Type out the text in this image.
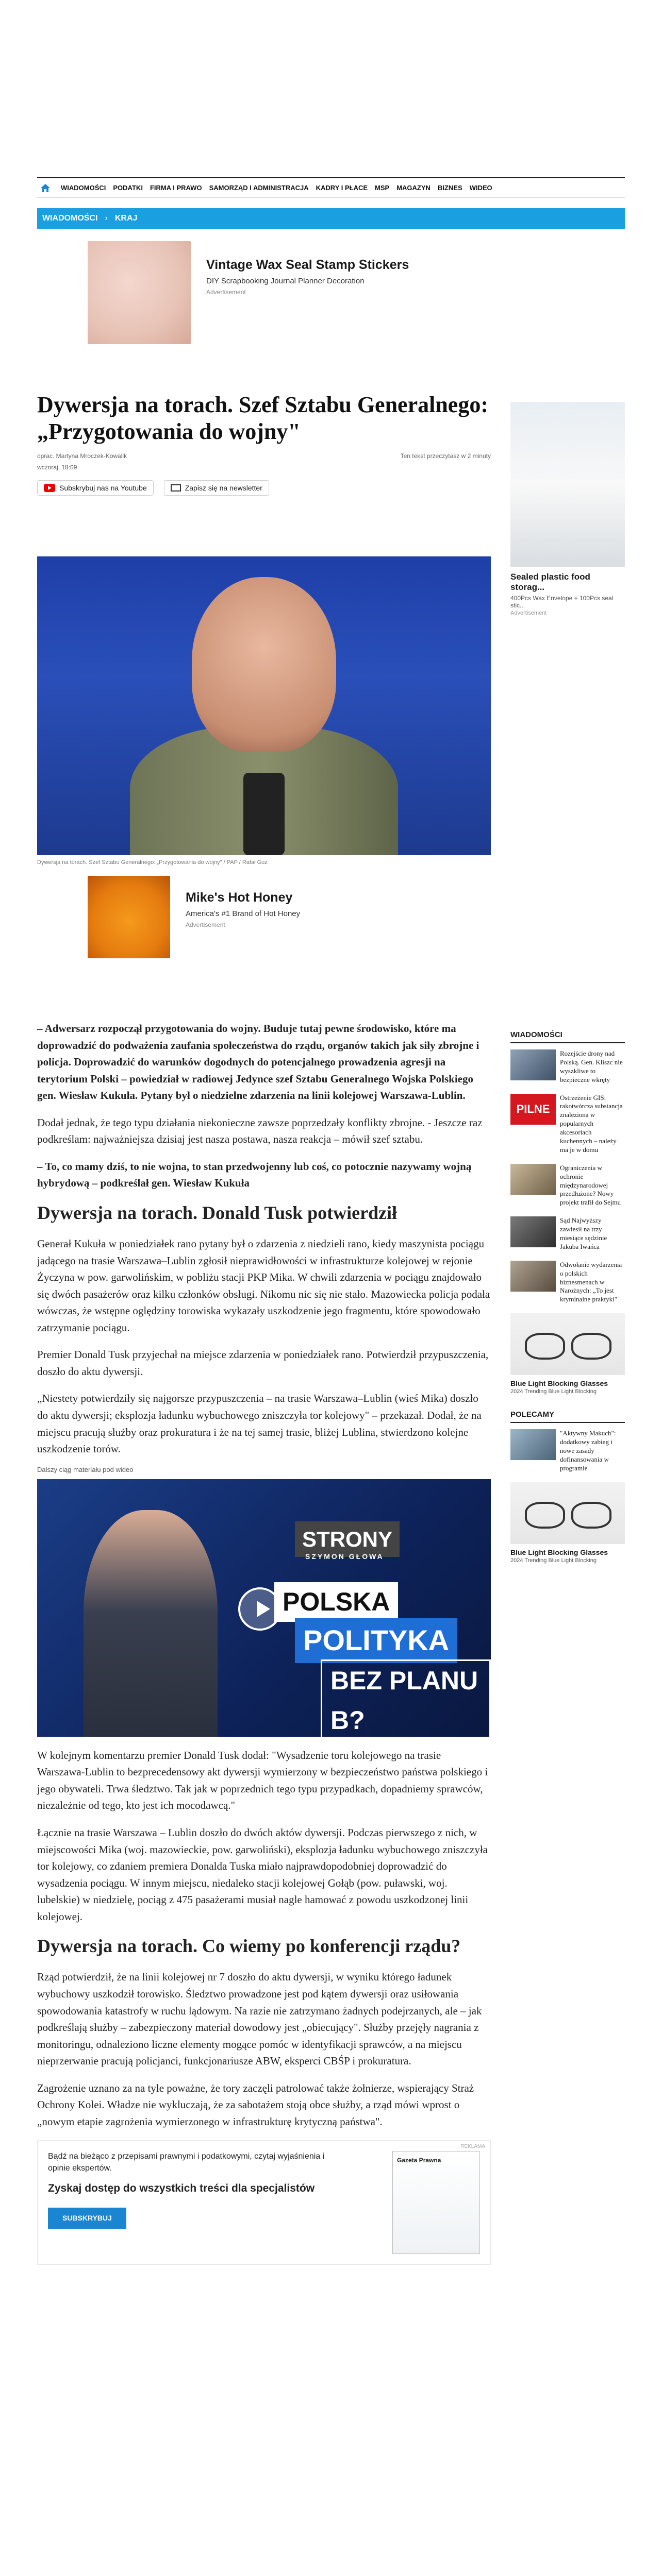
WIADOMOŚCI PODATKI FIRMA I PRAWO SAMORZĄD I ADMINISTRACJA KADRY I PŁACE MSP MAGAZYN BIZNES WIDEO
WIADOMOŚCI › KRAJ
Vintage Wax Seal Stamp Stickers
DIY Scrapbooking Journal Planner Decoration
Advertisement
Dywersja na torach. Szef Sztabu Generalnego: „Przygotowania do wojny"
oprac. Martyna Mroczek-Kowalik	Ten tekst przeczytasz w 2 minuty
wczoraj, 18:09
Subskrybuj nas na Youtube	Zapisz się na newsletter
Dywersja na torach. Szef Sztabu Generalnego: „Przygotowania do wojny" / PAP / Rafał Guz
Mike's Hot Honey
America's #1 Brand of Hot Honey
Advertisement
Sealed plastic food storag...
400Pcs Wax Envelope + 100Pcs seal stic...
Advertisement

– Adwersarz rozpoczął przygotowania do wojny. Buduje tutaj pewne środowisko, które ma doprowadzić do podważenia zaufania społeczeństwa do rządu, organów takich jak siły zbrojne i policja. Doprowadzić do warunków dogodnych do potencjalnego prowadzenia agresji na terytorium Polski – powiedział w radiowej Jedynce szef Sztabu Generalnego Wojska Polskiego gen. Wiesław Kukuła. Pytany był o niedzielne zdarzenia na linii kolejowej Warszawa-Lublin.

Dodał jednak, że tego typu działania niekonieczne zawsze poprzedzały konflikty zbrojne. - Jeszcze raz podkreślam: najważniejsza dzisiaj jest nasza postawa, nasza reakcja – mówił szef sztabu.

– To, co mamy dziś, to nie wojna, to stan przedwojenny lub coś, co potocznie nazywamy wojną hybrydową – podkreślał gen. Wiesław Kukuła

Dywersja na torach. Donald Tusk potwierdził

Generał Kukuła w poniedziałek rano pytany był o zdarzenia z niedzieli rano, kiedy maszynista pociągu jadącego na trasie Warszawa–Lublin zgłosił nieprawidłowości w infrastrukturze kolejowej w rejonie Życzyna w pow. garwolińskim, w pobliżu stacji PKP Mika. W chwili zdarzenia w pociągu znajdowało się dwóch pasażerów oraz kilku członków obsługi. Nikomu nic się nie stało. Mazowiecka policja podała wówczas, że wstępne oględziny torowiska wykazały uszkodzenie jego fragmentu, które spowodowało zatrzymanie pociągu.

Premier Donald Tusk przyjechał na miejsce zdarzenia w poniedziałek rano. Potwierdził przypuszczenia, doszło do aktu dywersji.

„Niestety potwierdziły się najgorsze przypuszczenia – na trasie Warszawa–Lublin (wieś Mika) doszło do aktu dywersji; eksplozja ładunku wybuchowego zniszczyła tor kolejowy" – przekazał. Dodał, że na miejscu pracują służby oraz prokuratura i że na tej samej trasie, bliżej Lublina, stwierdzono kolejne uszkodzenie torów.

Dalszy ciąg materiału pod wideo
STRONY
SZYMON GŁOWA
POLSKA
POLITYKA
BEZ PLANU B?

W kolejnym komentarzu premier Donald Tusk dodał: "Wysadzenie toru kolejowego na trasie Warszawa-Lublin to bezprecedensowy akt dywersji wymierzony w bezpieczeństwo państwa polskiego i jego obywateli. Trwa śledztwo. Tak jak w poprzednich tego typu przypadkach, dopadniemy sprawców, niezależnie od tego, kto jest ich mocodawcą."

Łącznie na trasie Warszawa – Lublin doszło do dwóch aktów dywersji. Podczas pierwszego z nich, w miejscowości Mika (woj. mazowieckie, pow. garwoliński), eksplozja ładunku wybuchowego zniszczyła tor kolejowy, co zdaniem premiera Donalda Tuska miało najprawdopodobniej doprowadzić do wysadzenia pociągu. W innym miejscu, niedaleko stacji kolejowej Gołąb (pow. puławski, woj. lubelskie) w niedzielę, pociąg z 475 pasażerami musiał nagle hamować z powodu uszkodzonej linii kolejowej.

Dywersja na torach. Co wiemy po konferencji rządu?

Rząd potwierdził, że na linii kolejowej nr 7 doszło do aktu dywersji, w wyniku którego ładunek wybuchowy uszkodził torowisko. Śledztwo prowadzone jest pod kątem dywersji oraz usiłowania spowodowania katastrofy w ruchu lądowym. Na razie nie zatrzymano żadnych podejrzanych, ale – jak podkreślają służby – zabezpieczony materiał dowodowy jest „obiecujący". Służby przejęły nagrania z monitoringu, odnaleziono liczne elementy mogące pomóc w identyfikacji sprawców, a na miejscu nieprzerwanie pracują policjanci, funkcjonariusze ABW, eksperci CBŚP i prokuratura.

Zagrożenie uznano za na tyle poważne, że tory zaczęli patrolować także żołnierze, wspierający Straż Ochrony Kolei. Władze nie wykluczają, że za sabotażem stoją obce służby, a rząd mówi wprost o „nowym etapie zagrożenia wymierzonego w infrastrukturę krytyczną państwa".

REKLAMA
Bądź na bieżąco z przepisami prawnymi i podatkowymi, czytaj wyjaśnienia i opinie ekspertów.
Zyskaj dostęp do wszystkich treści dla specjalistów
SUBSKRYBUJ
Gazeta Prawna
WIADOMOŚCI
Rozejście drony nad Polską. Gen. Kliszc nie wyszkliwe to bezpieczne wkręty
PILNE
Ostrzeżenie GIS: rakotwórcza substancja znaleziona w popularnych akcesoriach kuchennych – należy ma je w domu
Ograniczenia w ochronie międzynarodowej przedłużone? Nowy projekt trafił do Sejmu
Sąd Najwyższy zawiesił na trzy miesiące sędzinie Jakuba Iwańca
Odwołanie wydarzenia o polskich biznesmenach w Narożnych: „To jest kryminalne praktyki"
Blue Light Blocking Glasses
2024 Trending Blue Light Blocking
POLECAMY
"Aktywny Makuch": dodatkowy zabieg i nowe zasady dofinansowania w programie
Blue Light Blocking Glasses
2024 Trending Blue Light Blocking
